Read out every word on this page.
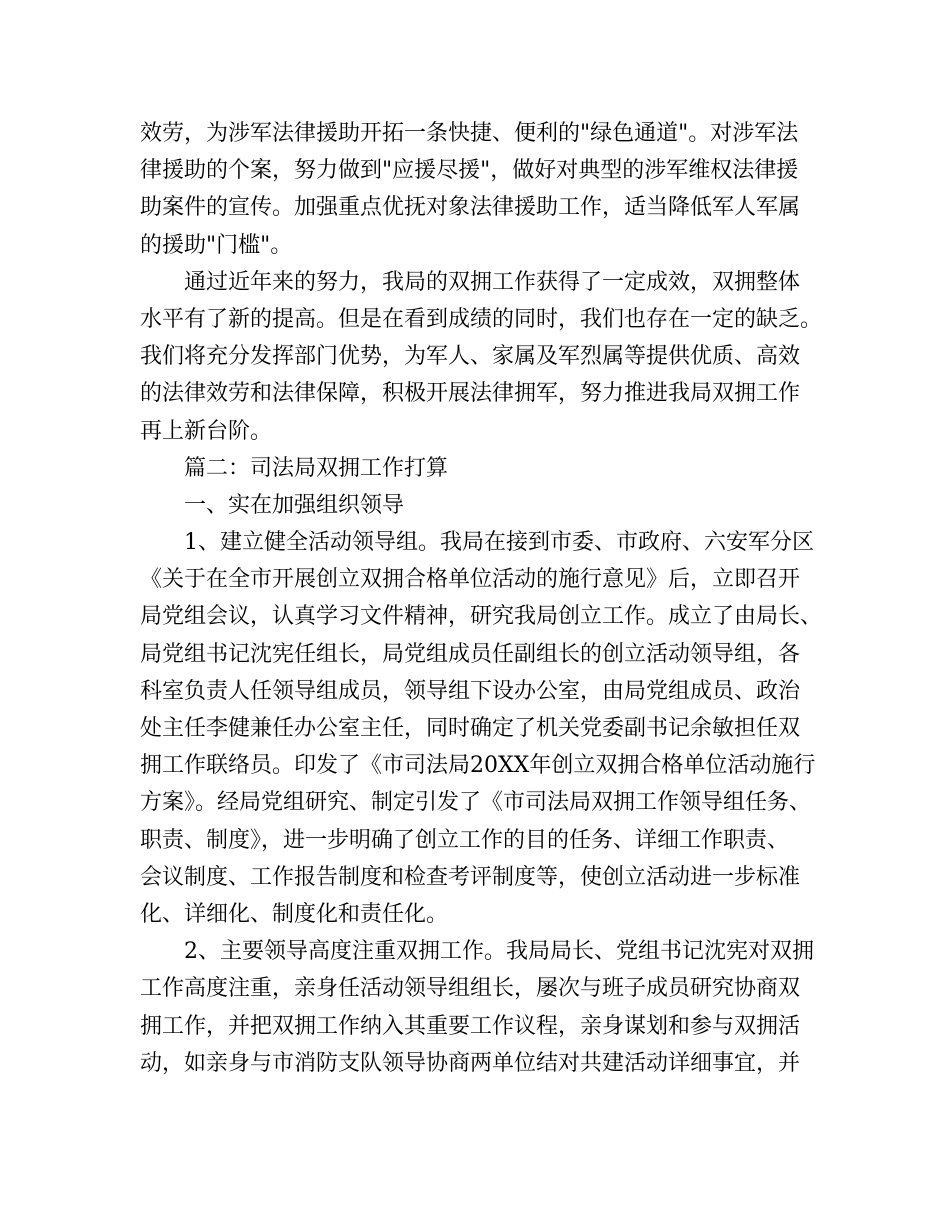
效劳，为涉军法律援助开拓一条快捷、便利的"绿色通道"。对涉军法
律援助的个案，努力做到"应援尽援"，做好对典型的涉军维权法律援
助案件的宣传。加强重点优抚对象法律援助工作，适当降低军人军属
的援助"门槛"。
通过近年来的努力，我局的双拥工作获得了一定成效，双拥整体
水平有了新的提高。但是在看到成绩的同时，我们也存在一定的缺乏。
我们将充分发挥部门优势，为军人、家属及军烈属等提供优质、高效
的法律效劳和法律保障，积极开展法律拥军，努力推进我局双拥工作
再上新台阶。
篇二：司法局双拥工作打算
一、实在加强组织领导
1、建立健全活动领导组。我局在接到市委、市政府、六安军分区
《关于在全市开展创立双拥合格单位活动的施行意见》后，立即召开
局党组会议，认真学习文件精神，研究我局创立工作。成立了由局长、
局党组书记沈宪任组长，局党组成员任副组长的创立活动领导组，各
科室负责人任领导组成员，领导组下设办公室，由局党组成员、政治
处主任李健兼任办公室主任，同时确定了机关党委副书记余敏担任双
拥工作联络员。印发了《市司法局20XX年创立双拥合格单位活动施行
方案》。经局党组研究、制定引发了《市司法局双拥工作领导组任务、
职责、制度》，进一步明确了创立工作的目的任务、详细工作职责、
会议制度、工作报告制度和检查考评制度等，使创立活动进一步标准
化、详细化、制度化和责任化。
2、主要领导高度注重双拥工作。我局局长、党组书记沈宪对双拥
工作高度注重，亲身任活动领导组组长，屡次与班子成员研究协商双
拥工作，并把双拥工作纳入其重要工作议程，亲身谋划和参与双拥活
动，如亲身与市消防支队领导协商两单位结对共建活动详细事宜，并
